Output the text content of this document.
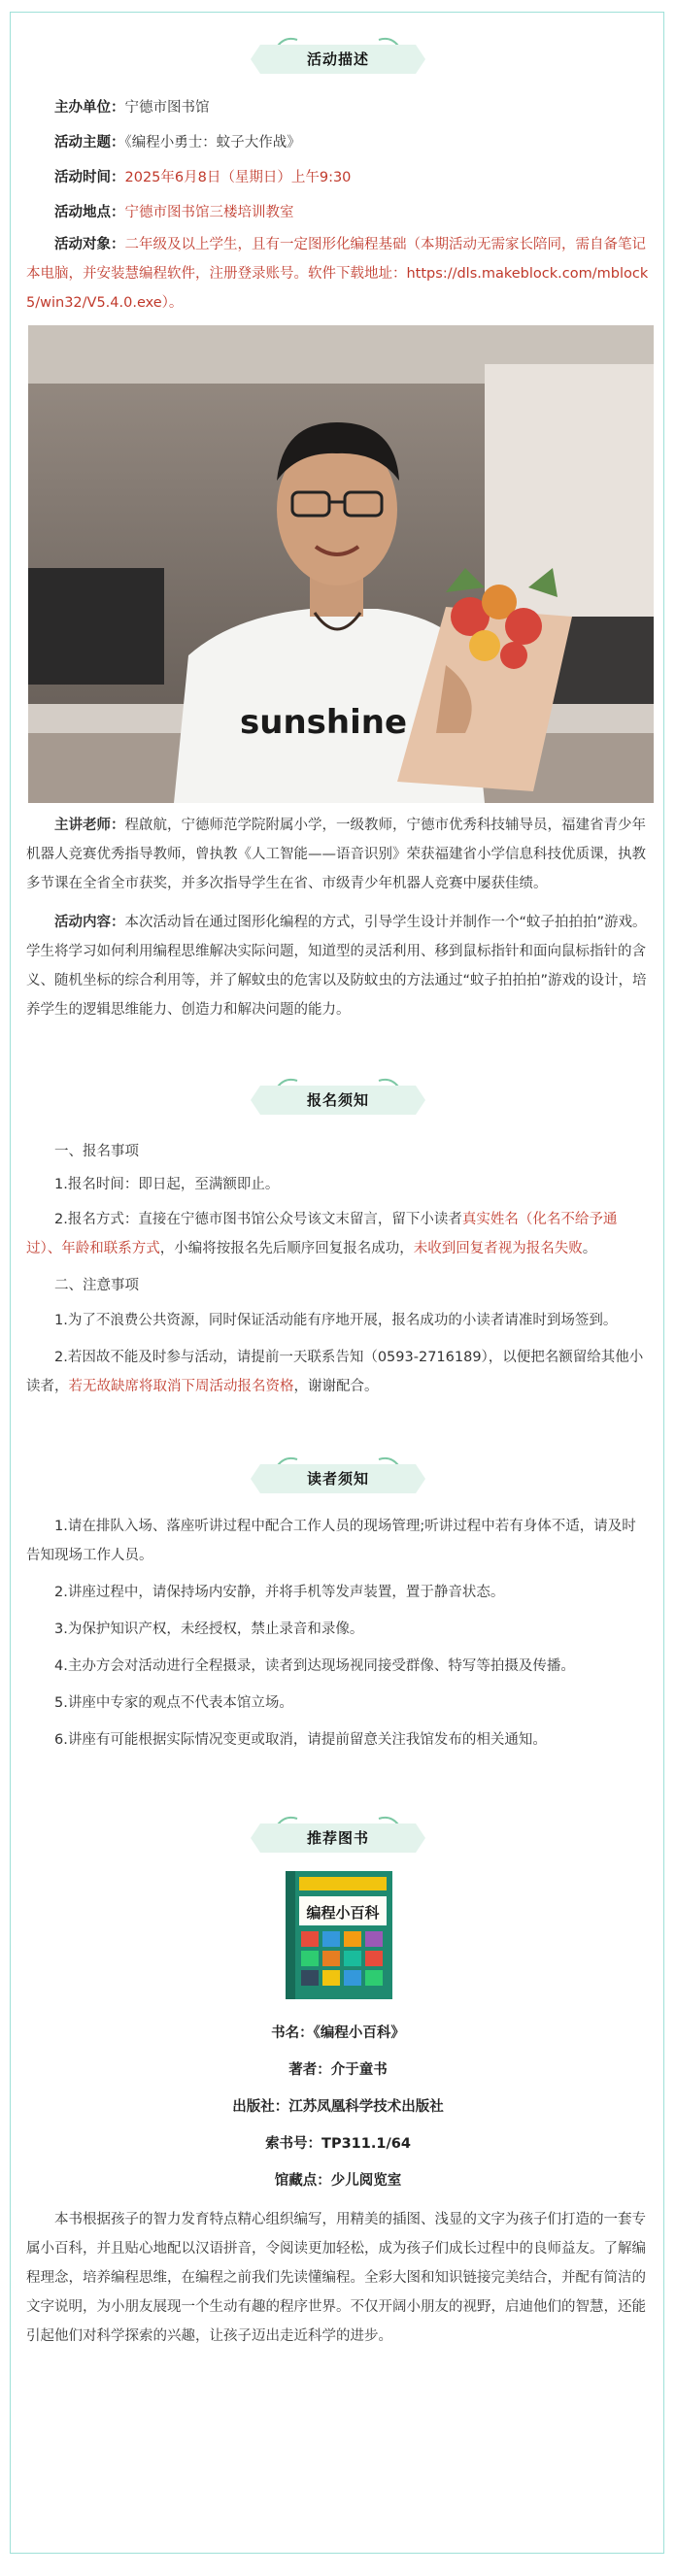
活动描述

主办单位：宁德市图书馆

活动主题：《编程小勇士：蚊子大作战》

活动时间：2025年6月8日（星期日）上午9:30

活动地点：宁德市图书馆三楼培训教室

活动对象：二年级及以上学生，且有一定图形化编程基础（本期活动无需家长陪同，需自备笔记本电脑，并安装慧编程软件，注册登录账号。软件下载地址：https://dls.makeblock.com/mblock5/win32/V5.4.0.exe）。

sunshine

主讲老师：程啟航，宁德师范学院附属小学，一级教师，宁德市优秀科技辅导员，福建省青少年机器人竞赛优秀指导教师，曾执教《人工智能——语音识别》荣获福建省小学信息科技优质课，执教多节课在全省全市获奖，并多次指导学生在省、市级青少年机器人竞赛中屡获佳绩。

活动内容：本次活动旨在通过图形化编程的方式，引导学生设计并制作一个“蚊子拍拍拍”游戏。学生将学习如何利用编程思维解决实际问题，知道型的灵活利用、移到鼠标指针和面向鼠标指针的含义、随机坐标的综合利用等，并了解蚊虫的危害以及防蚊虫的方法通过“蚊子拍拍拍”游戏的设计，培养学生的逻辑思维能力、创造力和解决问题的能力。

报名须知

一、报名事项

1.报名时间：即日起，至满额即止。

2.报名方式：直接在宁德市图书馆公众号该文末留言，留下小读者真实姓名（化名不给予通过）、年龄和联系方式，小编将按报名先后顺序回复报名成功，未收到回复者视为报名失败。

二、注意事项

1.为了不浪费公共资源，同时保证活动能有序地开展，报名成功的小读者请准时到场签到。

2.若因故不能及时参与活动，请提前一天联系告知（0593-2716189），以便把名额留给其他小读者，若无故缺席将取消下周活动报名资格，谢谢配合。

读者须知

1.请在排队入场、落座听讲过程中配合工作人员的现场管理;听讲过程中若有身体不适，请及时告知现场工作人员。

2.讲座过程中，请保持场内安静，并将手机等发声装置，置于静音状态。

3.为保护知识产权，未经授权，禁止录音和录像。

4.主办方会对活动进行全程摄录，读者到达现场视同接受群像、特写等拍摄及传播。

5.讲座中专家的观点不代表本馆立场。

6.讲座有可能根据实际情况变更或取消，请提前留意关注我馆发布的相关通知。

推荐图书
编程小百科
书名：《编程小百科》
著者：介于童书
出版社：江苏凤凰科学技术出版社
索书号：TP311.1/64
馆藏点：少儿阅览室

本书根据孩子的智力发育特点精心组织编写，用精美的插图、浅显的文字为孩子们打造的一套专属小百科，并且贴心地配以汉语拼音，令阅读更加轻松，成为孩子们成长过程中的良师益友。了解编程理念，培养编程思维，在编程之前我们先读懂编程。全彩大图和知识链接完美结合，并配有简洁的文字说明，为小朋友展现一个生动有趣的程序世界。不仅开阔小朋友的视野，启迪他们的智慧，还能引起他们对科学探索的兴趣，让孩子迈出走近科学的进步。
